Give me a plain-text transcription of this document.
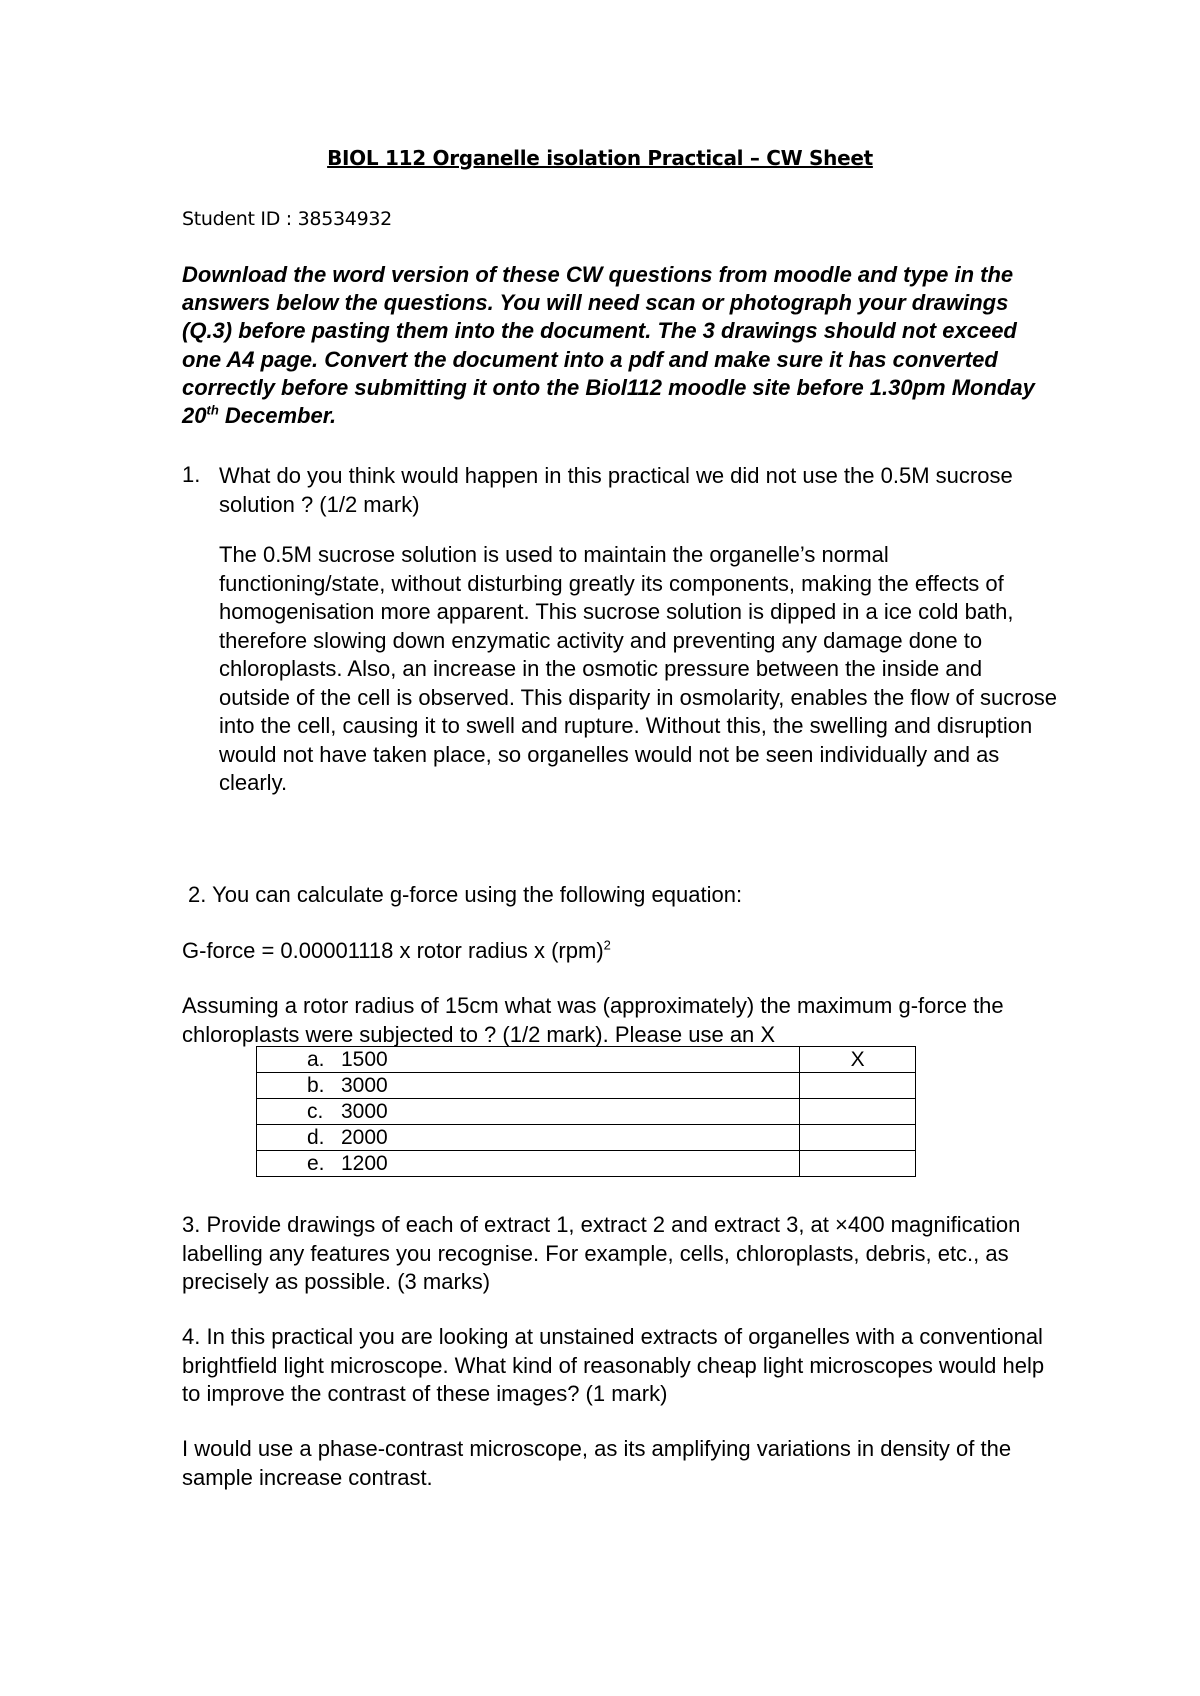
BIOL 112 Organelle isolation Practical – CW Sheet
Student ID : 38534932
Download the word version of these CW questions from moodle and type in the answers below the questions. You will need scan or photograph your drawings (Q.3) before pasting them into the document. The 3 drawings should not exceed one A4 page. Convert the document into a pdf and make sure it has converted correctly before submitting it onto the Biol112 moodle site before 1.30pm Monday 20th December.
1. What do you think would happen in this practical we did not use the 0.5M sucrose solution ? (1/2 mark)
The 0.5M sucrose solution is used to maintain the organelle’s normal functioning/state, without disturbing greatly its components, making the effects of homogenisation more apparent. This sucrose solution is dipped in a ice cold bath, therefore slowing down enzymatic activity and preventing any damage done to chloroplasts. Also, an increase in the osmotic pressure between the inside and outside of the cell is observed. This disparity in osmolarity, enables the flow of sucrose into the cell, causing it to swell and rupture. Without this, the swelling and disruption would not have taken place, so organelles would not be seen individually and as clearly.
2. You can calculate g-force using the following equation:
G-force = 0.00001118 x rotor radius x (rpm)$^2$
Assuming a rotor radius of 15cm what was (approximately) the maximum g-force the chloroplasts were subjected to ? (1/2 mark). Please use an X
a. 1500	X
b. 3000	
c. 3000	
d. 2000	
e. 1200	
3. Provide drawings of each of extract 1, extract 2 and extract 3, at ×400 magnification labelling any features you recognise. For example, cells, chloroplasts, debris, etc., as precisely as possible. (3 marks)
4. In this practical you are looking at unstained extracts of organelles with a conventional brightfield light microscope. What kind of reasonably cheap light microscopes would help to improve the contrast of these images? (1 mark)
I would use a phase-contrast microscope, as its amplifying variations in density of the sample increase contrast.
